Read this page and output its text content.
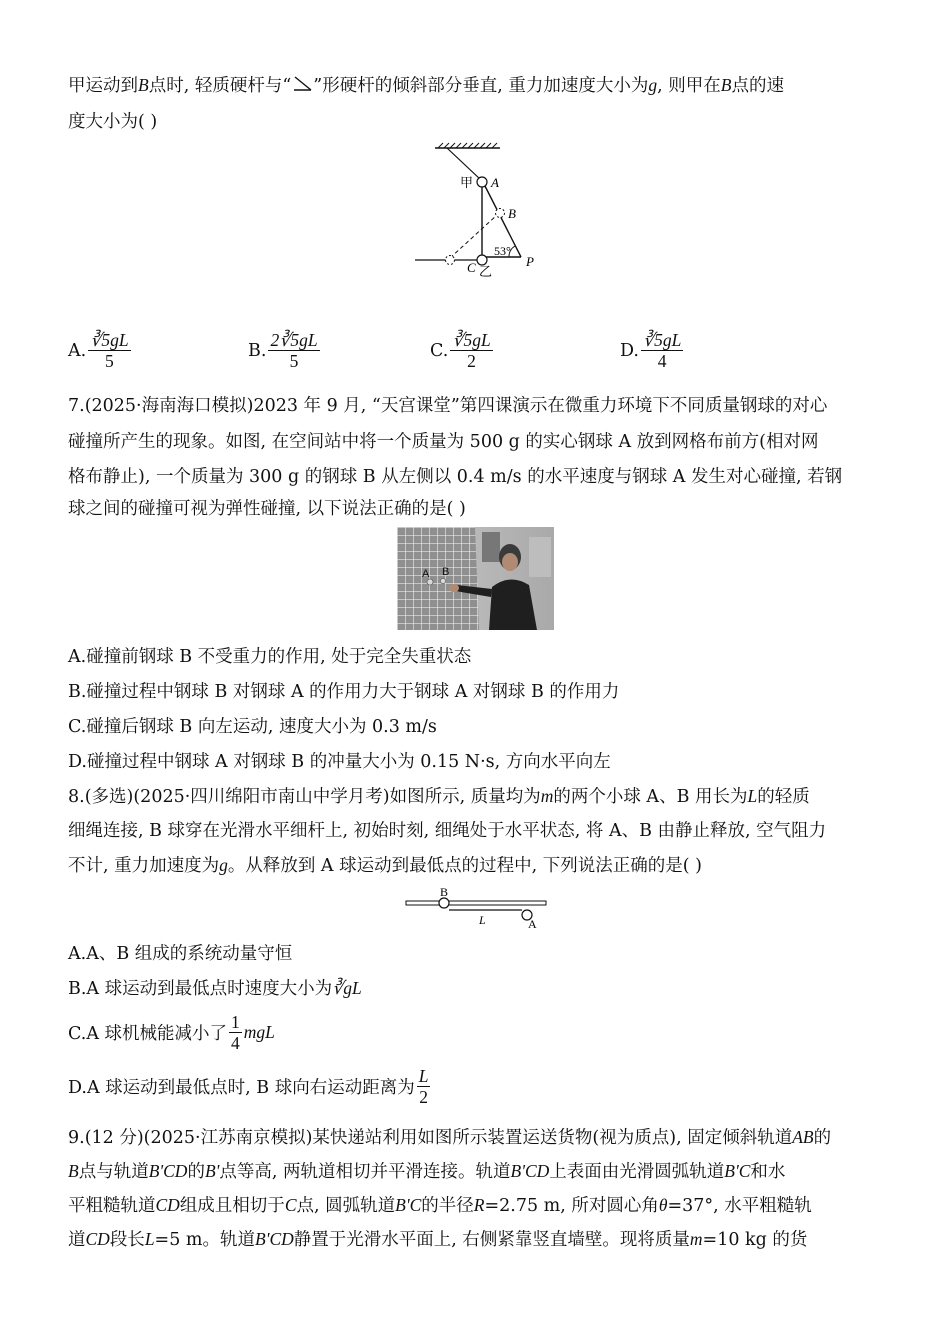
甲运动到B点时, 轻质硬杆与“ ”形硬杆的倾斜部分垂直, 重力加速度大小为g, 则甲在B点的速
度大小为( )
甲 A
B
53°
C 乙
P
A. $\frac{∛5gL}{5}$	B. $\frac{2∛5gL}{5}$	C. $\frac{∛5gL}{2}$	D. $\frac{∛5gL}{4}$
7.(2025·海南海口模拟)2023 年 9 月, “天宫课堂”第四课演示在微重力环境下不同质量钢球的对心
碰撞所产生的现象。如图, 在空间站中将一个质量为 500 g 的实心钢球 A 放到网格布前方(相对网
格布静止), 一个质量为 300 g 的钢球 B 从左侧以 0.4 m/s 的水平速度与钢球 A 发生对心碰撞, 若钢
球之间的碰撞可视为弹性碰撞, 以下说法正确的是( )
A B
A.碰撞前钢球 B 不受重力的作用, 处于完全失重状态
B.碰撞过程中钢球 B 对钢球 A 的作用力大于钢球 A 对钢球 B 的作用力
C.碰撞后钢球 B 向左运动, 速度大小为 0.3 m/s
D.碰撞过程中钢球 A 对钢球 B 的冲量大小为 0.15 N·s, 方向水平向左
8.(多选)(2025·四川绵阳市南山中学月考)如图所示, 质量均为m的两个小球 A、B 用长为L的轻质
细绳连接, B 球穿在光滑水平细杆上, 初始时刻, 细绳处于水平状态, 将 A、B 由静止释放, 空气阻力
不计, 重力加速度为g。从释放到 A 球运动到最低点的过程中, 下列说法正确的是( )
B
L	A
A.A、B 组成的系统动量守恒
B.A 球运动到最低点时速度大小为∛gL
C.A 球机械能减小了 $\frac{1}{4}$ mgL
D.A 球运动到最低点时, B 球向右运动距离为 $\frac{L}{2}$
9.(12 分)(2025·江苏南京模拟)某快递站利用如图所示装置运送货物(视为质点), 固定倾斜轨道AB的
B点与轨道B'CD的B'点等高, 两轨道相切并平滑连接。轨道B'CD上表面由光滑圆弧轨道B'C和水
平粗糙轨道CD组成且相切于C点, 圆弧轨道B'C的半径R=2.75 m, 所对圆心角θ=37°, 水平粗糙轨
道CD段长L=5 m。轨道B'CD静置于光滑水平面上, 右侧紧靠竖直墙壁。现将质量m=10 kg 的货
